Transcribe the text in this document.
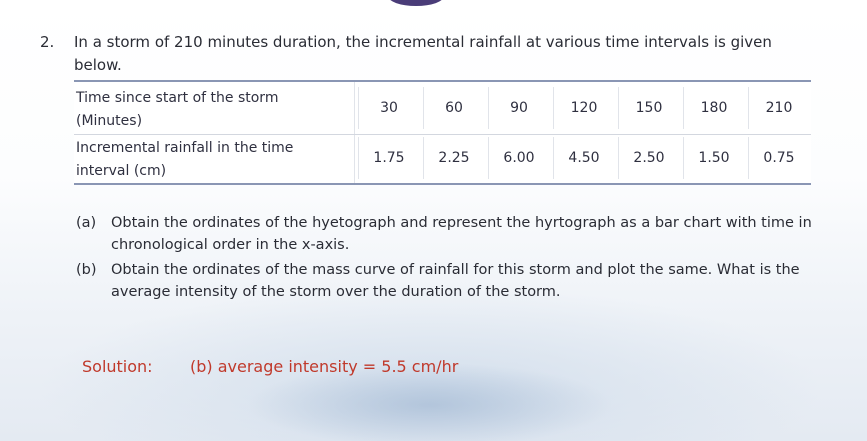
2. In a storm of 210 minutes duration, the incremental rainfall at various time intervals is given below.
Time since start of the storm (Minutes)
30	60	90	120	150	180	210
Incremental rainfall in the time interval (cm)
1.75	2.25	6.00	4.50	2.50	1.50	0.75
(a) Obtain the ordinates of the hyetograph and represent the hyrtograph as a bar chart with time in chronological order in the x-axis.
(b) Obtain the ordinates of the mass curve of rainfall for this storm and plot the same. What is the average intensity of the storm over the duration of the storm.
Solution: (b) average intensity = 5.5 cm/hr
